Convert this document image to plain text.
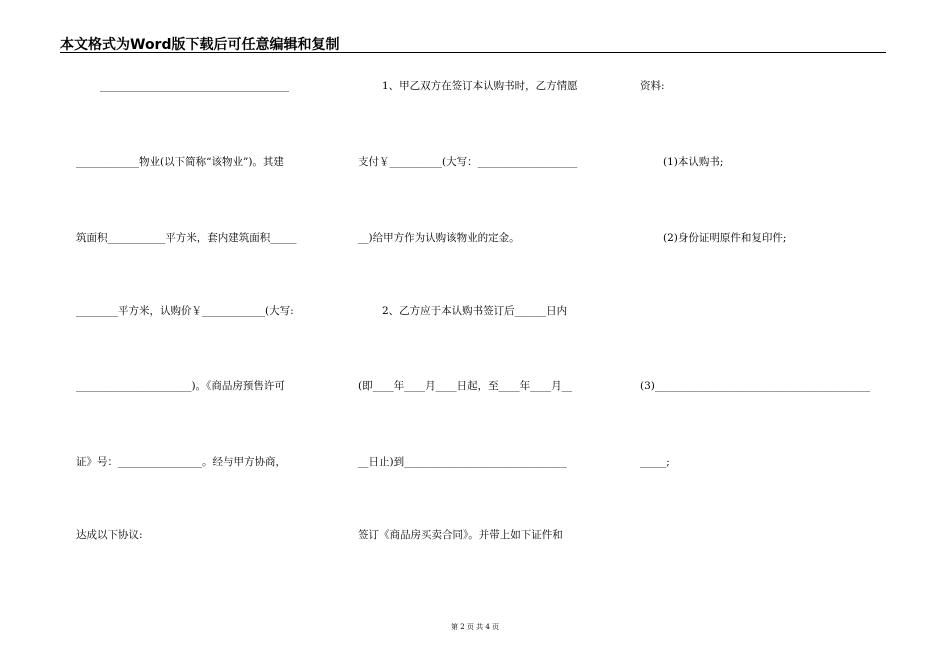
本文格式为Word版下载后可任意编辑和复制
____________________________________
____________物业(以下简称“该物业”)。其建
筑面积___________平方米，套内建筑面积_____
________平方米，认购价￥____________(大写:
______________________)。《商品房预售许可
证》号：________________。经与甲方协商，
达成以下协议:
1、甲乙双方在签订本认购书时，乙方情愿
支付￥__________(大写：___________________
__)给甲方作为认购该物业的定金。
2、乙方应于本认购书签订后______日内
(即____年____月____日起，至____年____月__
__日止)到_______________________________
签订《商品房买卖合同》。并带上如下证件和
资料:
(1)本认购书;
(2)身份证明原件和复印件;
(3)_________________________________________
_____;
第 2 页 共 4 页
